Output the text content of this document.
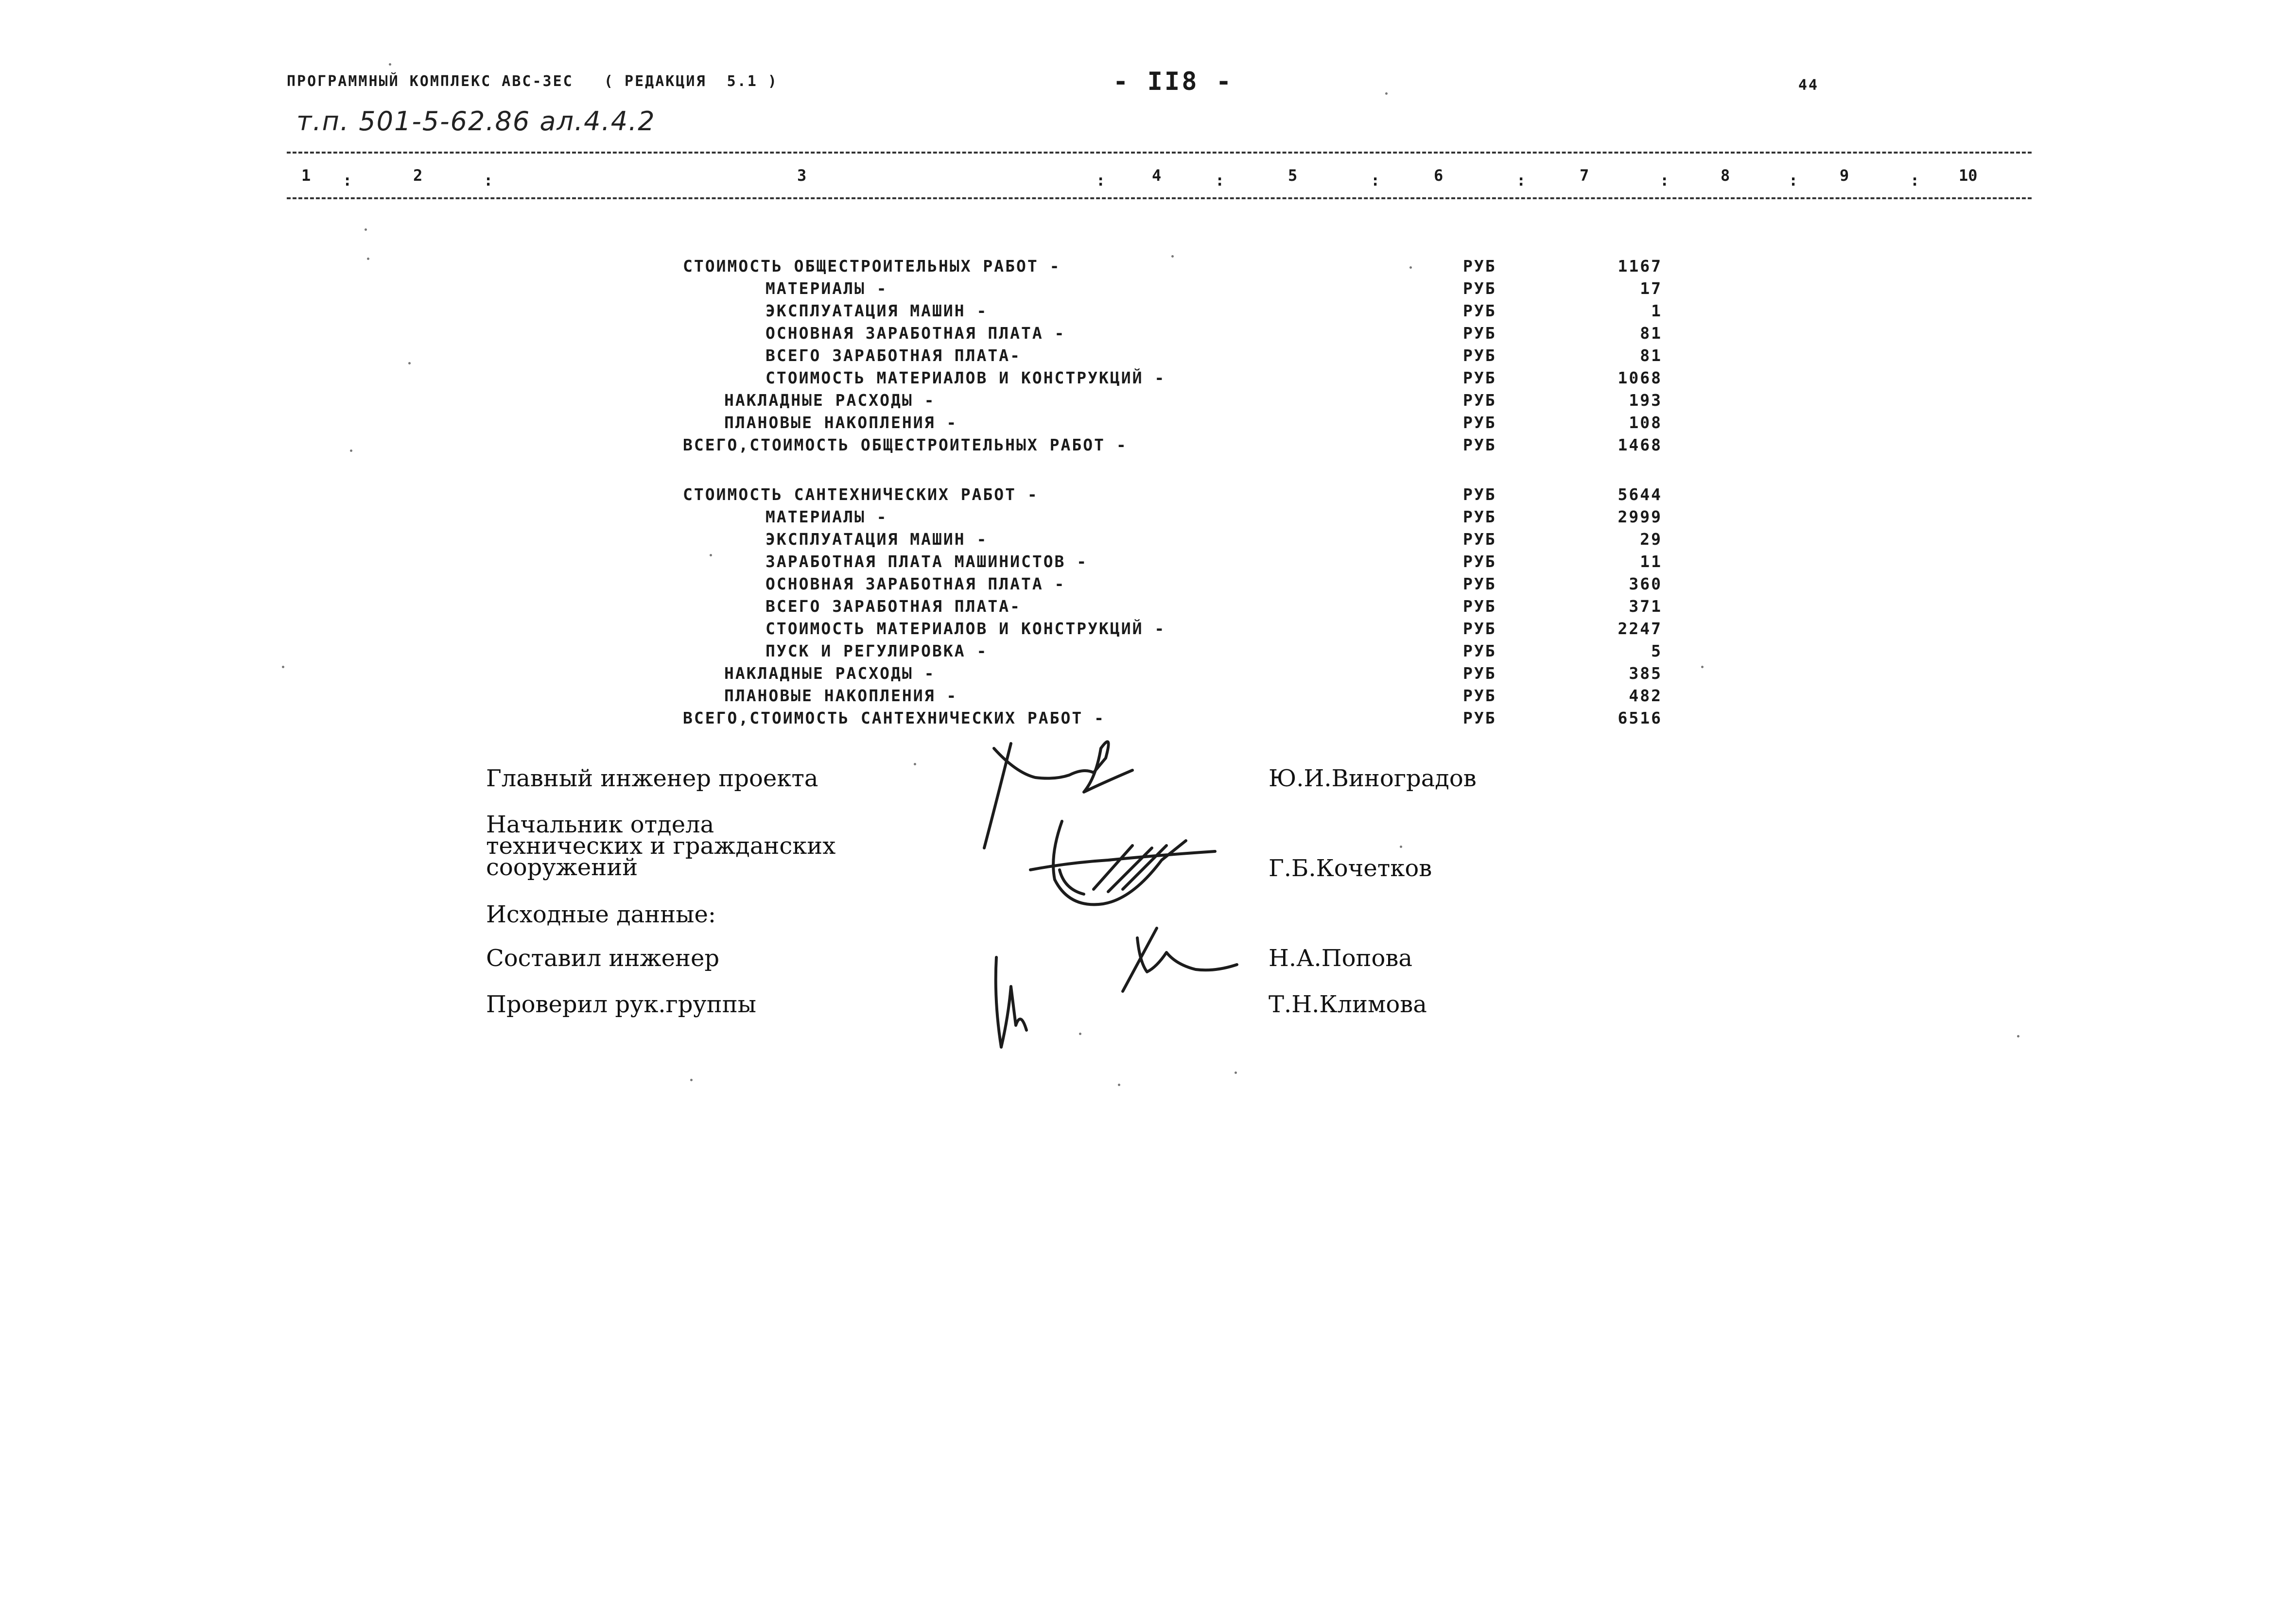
ПРОГРАММНЫЙ КОМПЛЕКС АВС-3ЕС   ( РЕДАКЦИЯ  5.1 )	- II8 -	44
т.п. 501-5-62.86 ал.4.4.2
1 :	2	:	3	:	4	:	5	:	6	:	7	:	8	:	9	:	10
СТОИМОСТЬ ОБЩЕСТРОИТЕЛЬНЫХ РАБОТ -	РУБ	1167
МАТЕРИАЛЫ -	РУБ	17
ЭКСПЛУАТАЦИЯ МАШИН -	РУБ	1
ОСНОВНАЯ ЗАРАБОТНАЯ ПЛАТА -	РУБ	81
ВСЕГО ЗАРАБОТНАЯ ПЛАТА-	РУБ	81
СТОИМОСТЬ МАТЕРИАЛОВ И КОНСТРУКЦИЙ -	РУБ	1068
НАКЛАДНЫЕ РАСХОДЫ -	РУБ	193
ПЛАНОВЫЕ НАКОПЛЕНИЯ -	РУБ	108
ВСЕГО,СТОИМОСТЬ ОБЩЕСТРОИТЕЛЬНЫХ РАБОТ -	РУБ	1468
СТОИМОСТЬ САНТЕХНИЧЕСКИХ РАБОТ -	РУБ	5644
МАТЕРИАЛЫ -	РУБ	2999
ЭКСПЛУАТАЦИЯ МАШИН -	РУБ	29
ЗАРАБОТНАЯ ПЛАТА МАШИНИСТОВ -	РУБ	11
ОСНОВНАЯ ЗАРАБОТНАЯ ПЛАТА -	РУБ	360
ВСЕГО ЗАРАБОТНАЯ ПЛАТА-	РУБ	371
СТОИМОСТЬ МАТЕРИАЛОВ И КОНСТРУКЦИЙ -	РУБ	2247
ПУСК И РЕГУЛИРОВКА -	РУБ	5
НАКЛАДНЫЕ РАСХОДЫ -	РУБ	385
ПЛАНОВЫЕ НАКОПЛЕНИЯ -	РУБ	482
ВСЕГО,СТОИМОСТЬ САНТЕХНИЧЕСКИХ РАБОТ -	РУБ	6516
Главный инженер проекта	Ю.И.Виноградов
Начальник отдела
технических и гражданских
сооружений	Г.Б.Кочетков
Исходные данные:
Составил инженер	Н.А.Попова
Проверил рук.группы	Т.Н.Климова
